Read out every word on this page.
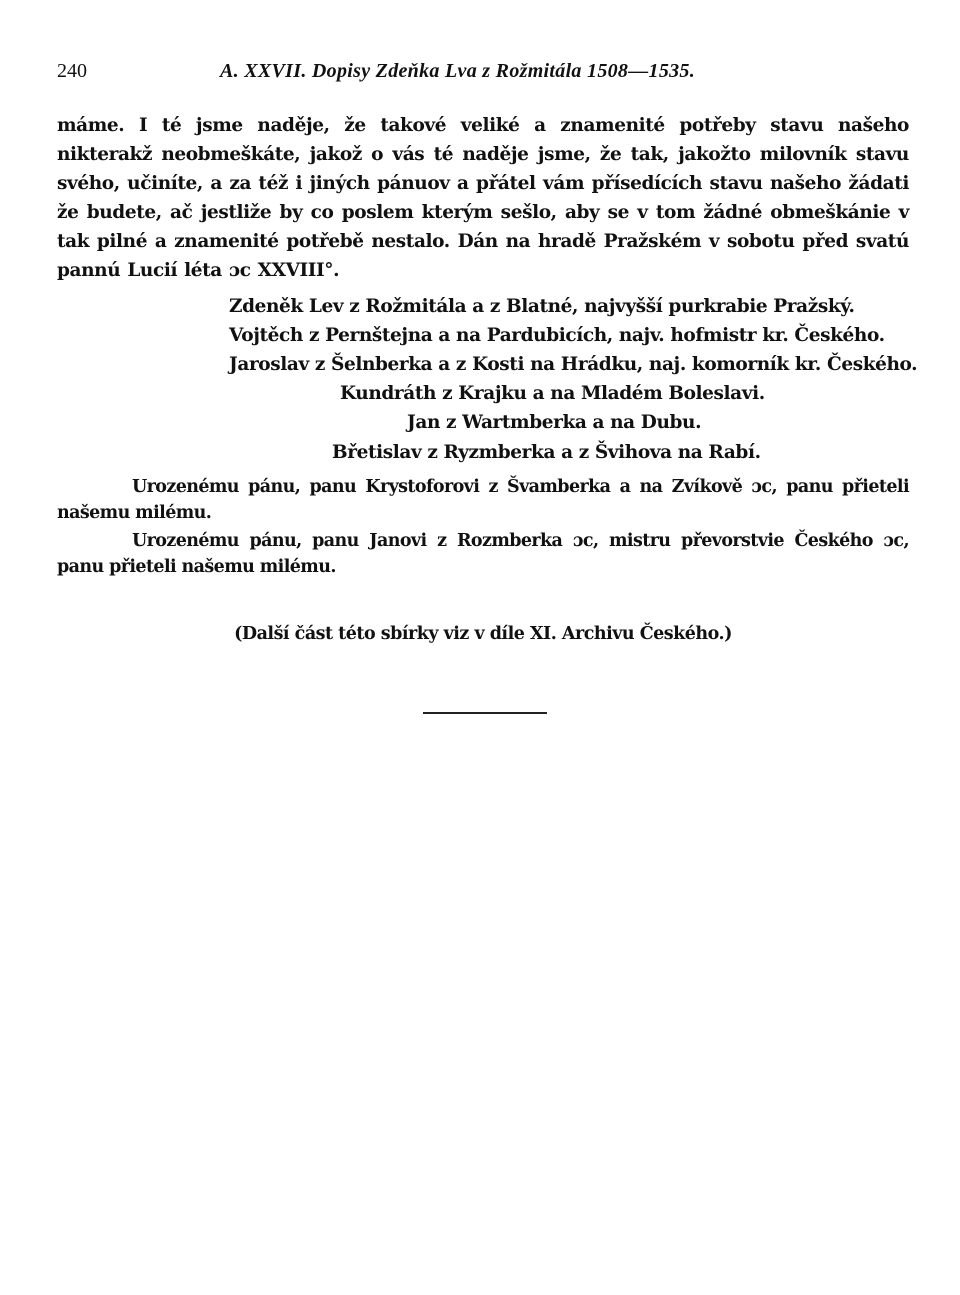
240	A. XXVII. Dopisy Zdeňka Lva z Rožmitála 1508—1535.

máme. I té jsme naděje, že takové veliké a znamenité potřeby stavu našeho nikterakž neobmeškáte, jakož o vás té naděje jsme, že tak, jakožto milovník stavu svého, učiníte, a za též i jiných pánuov a přátel vám přísedících stavu našeho žádati že budete, ač jestliže by co poslem kterým sešlo, aby se v tom žádné obmeškánie v tak pilné a znamenité potřebě nestalo. Dán na hradě Pražském v sobotu před svatú pannú Lucií léta ɔc XXVIII°.

Zdeněk Lev z Rožmitála a z Blatné, najvyšší purkrabie Pražský.
Vojtěch z Pernštejna a na Pardubicích, najv. hofmistr kr. Českého.
Jaroslav z Šelnberka a z Kosti na Hrádku, naj. komorník kr. Českého.
Kundráth z Krajku a na Mladém Boleslavi.
Jan z Wartmberka a na Dubu.
Břetislav z Ryzmberka a z Švihova na Rabí.

Urozenému pánu, panu Krystoforovi z Švamberka a na Zvíkově ɔc, panu přieteli našemu milému.

Urozenému pánu, panu Janovi z Rozmberka ɔc, mistru převorstvie Českého ɔc, panu přieteli našemu milému.

(Další část této sbírky viz v díle XI. Archivu Českého.)
